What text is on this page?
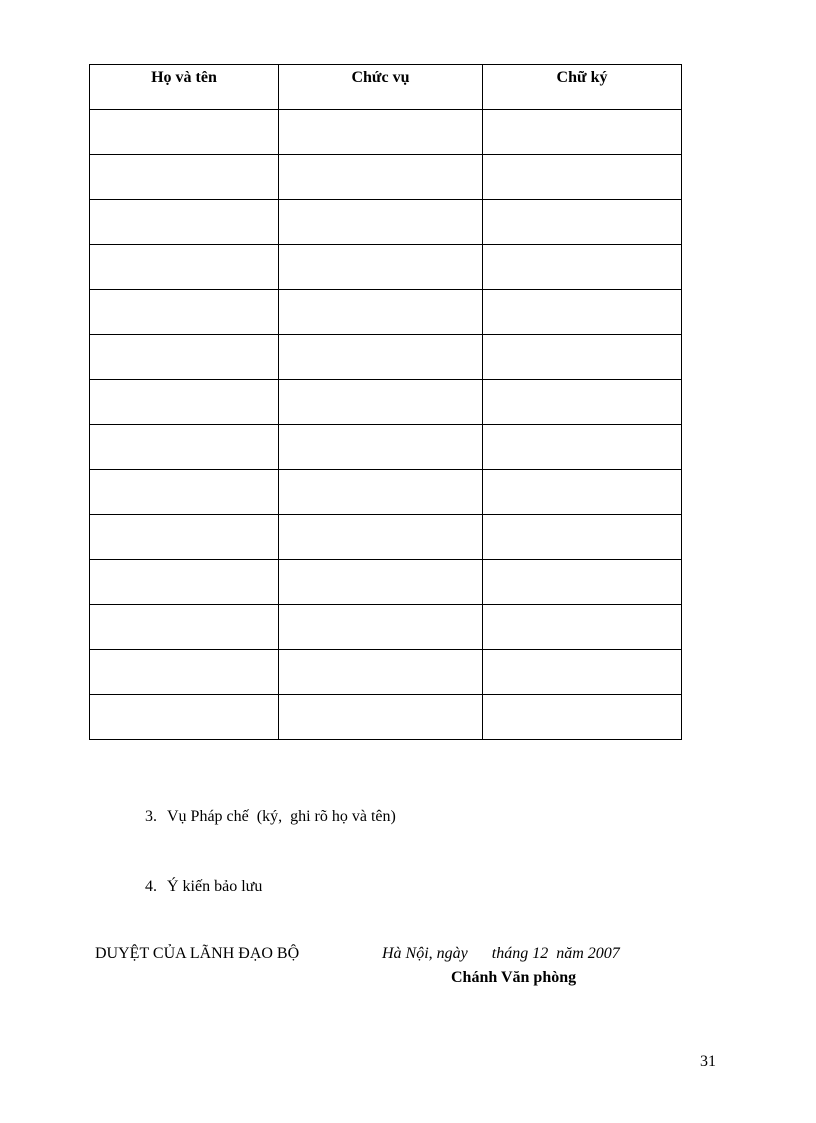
Họ và tên	Chức vụ	Chữ ký

3. Vụ Pháp chế  (ký,  ghi rõ họ và tên)
4. Ý kiến bảo lưu
DUYỆT CỦA LÃNH ĐẠO BỘ	Hà Nội, ngày      tháng 12  năm 2007
Chánh Văn phòng
31
